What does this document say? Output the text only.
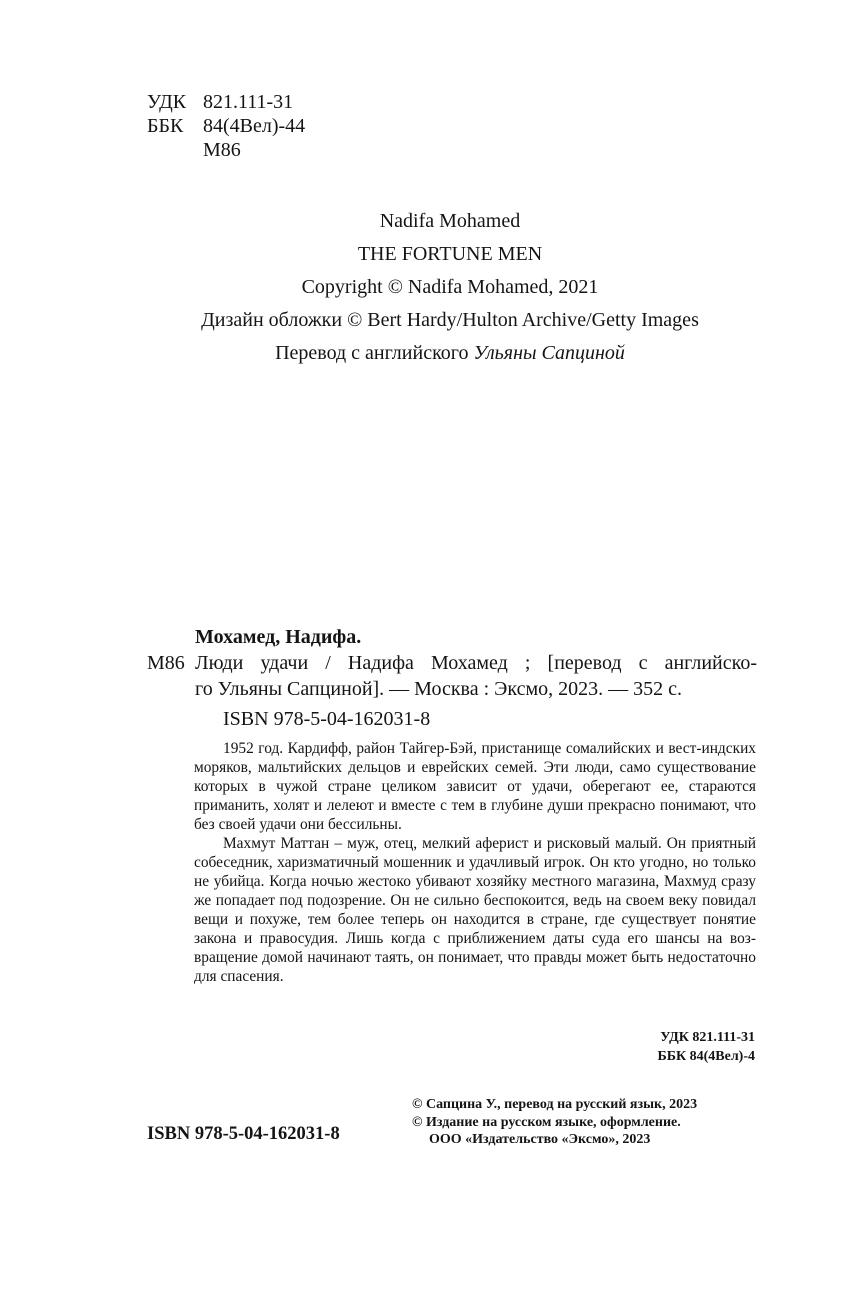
УДК 821.111-31
ББК 84(4Вел)-44
М86
Nadifa Mohamed
THE FORTUNE MEN
Copyright © Nadifa Mohamed, 2021
Дизайн обложки © Bert Hardy/Hulton Archive/Getty Images
Перевод с английского Ульяны Сапциной
Мохамед, Надифа.
М86 Люди удачи / Надифа Мохамед ; [перевод с английско-
го Ульяны Сапциной]. — Москва : Эксмо, 2023. — 352 с.
ISBN 978-5-04-162031-8

1952 год. Кардифф, район Тайгер-Бэй, пристанище сомалийских и вест-индских моряков, мальтийских дельцов и еврейских семей. Эти люди, само существование которых в чужой стране целиком зависит от удачи, оберегают ее, стараются приманить, холят и лелеют и вместе с тем в глубине души прекрасно понимают, что без своей удачи они бессильны.

Махмут Маттан – муж, отец, мелкий аферист и рисковый малый. Он приятный собеседник, харизматичный мошенник и удачливый игрок. Он кто угодно, но только не убийца. Когда ночью жестоко убивают хозяйку местного магазина, Махмуд сразу же попадает под подозрение. Он не сильно беспокоится, ведь на своем веку повидал вещи и похуже, тем более теперь он находится в стране, где существует понятие закона и правосудия. Лишь когда с приближением даты суда его шансы на возвращение домой начинают таять, он понимает, что правды может быть недостаточно для спасения.

УДК 821.111-31
ББК 84(4Вел)-4
ISBN 978-5-04-162031-8
© Сапцина У., перевод на русский язык, 2023
© Издание на русском языке, оформление.
ООО «Издательство «Эксмо», 2023
